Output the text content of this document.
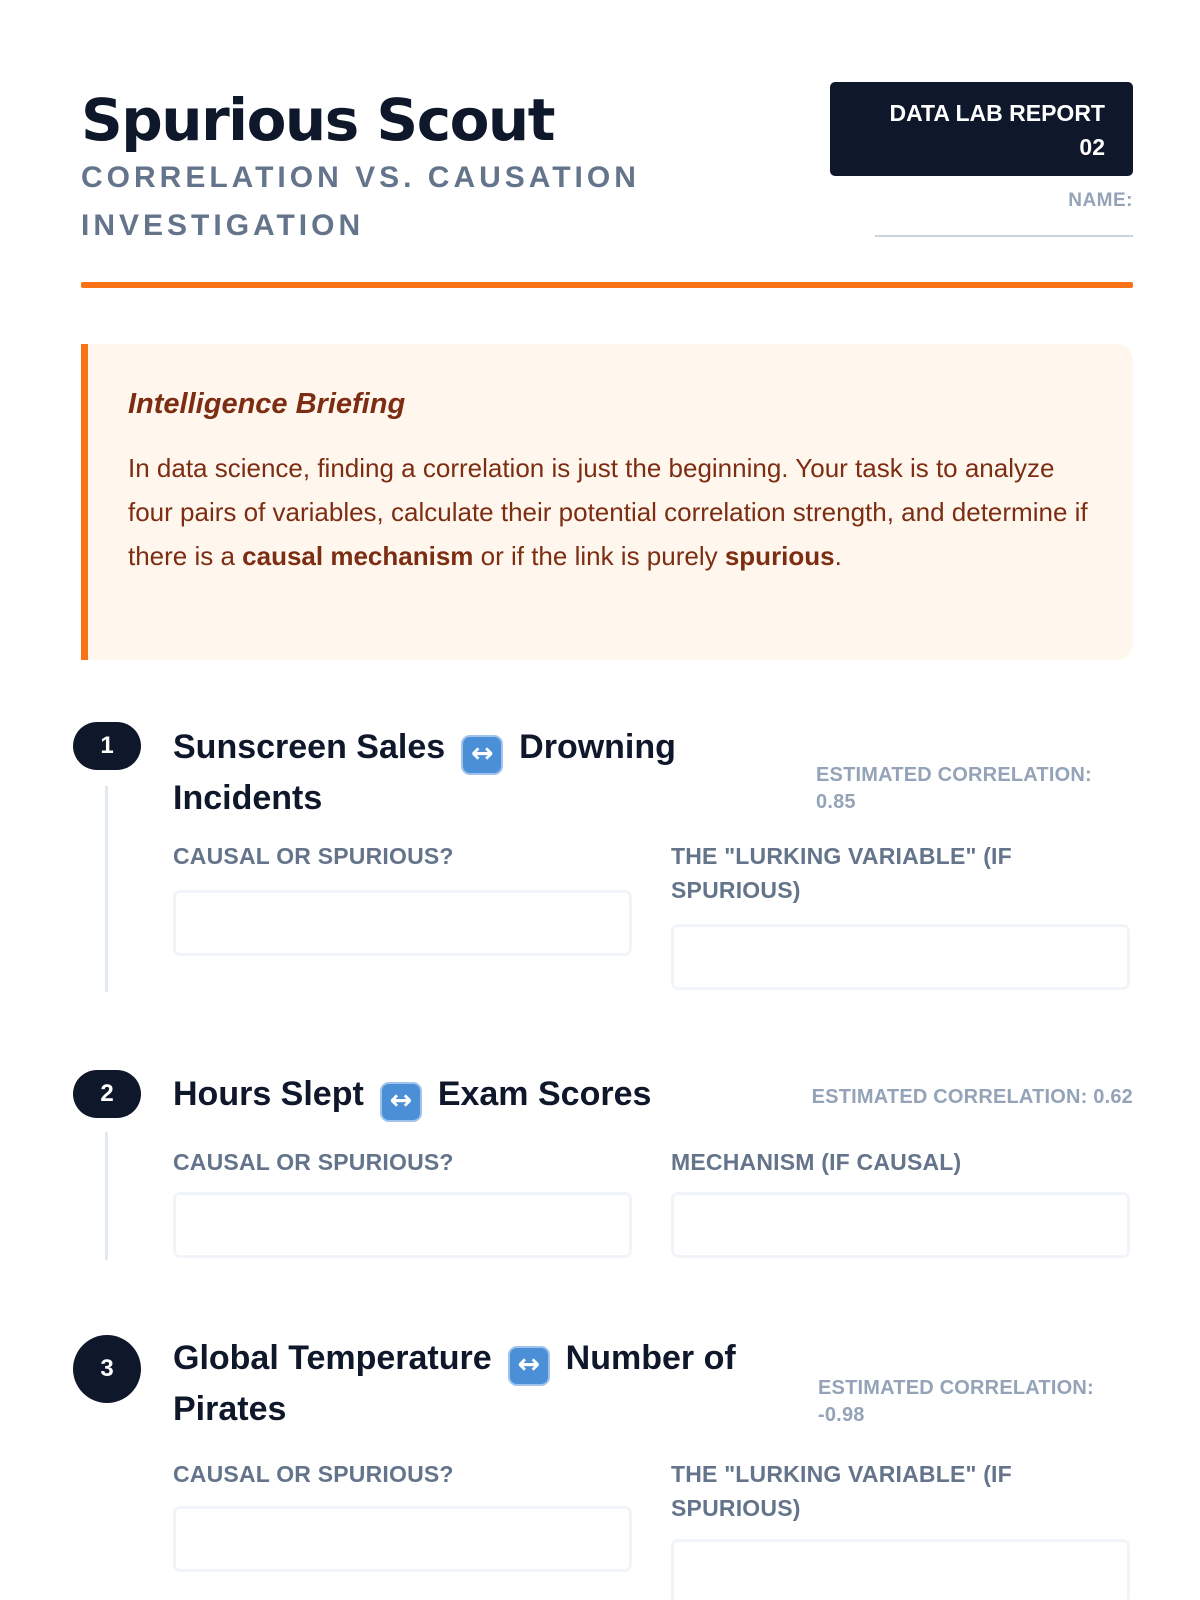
Spurious Scout
CORRELATION VS. CAUSATION INVESTIGATION
DATA LAB REPORT
02
NAME:
Intelligence Briefing

In data science, finding a correlation is just the beginning. Your task is to analyze four pairs of variables, calculate their potential correlation strength, and determine if there is a causal mechanism or if the link is purely spurious.

1	Sunscreen Sales ↔ Drowning Incidents
ESTIMATED CORRELATION: 0.85
CAUSAL OR SPURIOUS?	THE "LURKING VARIABLE" (IF SPURIOUS)
2	Hours Slept ↔ Exam Scores	ESTIMATED CORRELATION: 0.62
CAUSAL OR SPURIOUS?	MECHANISM (IF CAUSAL)
3	Global Temperature ↔ Number of Pirates
ESTIMATED CORRELATION: -0.98
CAUSAL OR SPURIOUS?	THE "LURKING VARIABLE" (IF SPURIOUS)
